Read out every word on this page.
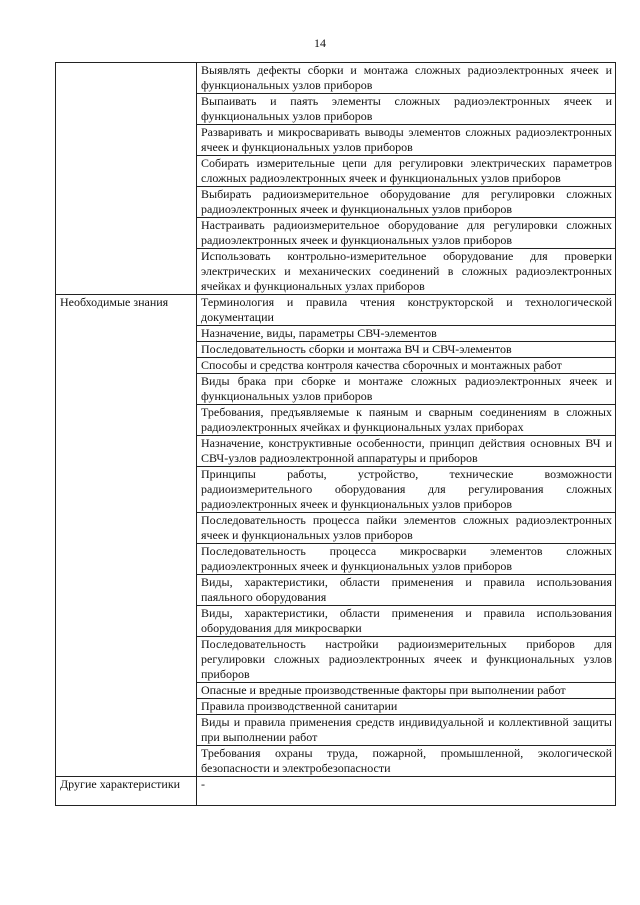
14
	Выявлять дефекты сборки и монтажа сложных радиоэлектронных ячеек и функциональных узлов приборов
	Выпаивать и паять элементы сложных радиоэлектронных ячеек и функциональных узлов приборов
	Разваривать и микросваривать выводы элементов сложных радиоэлектронных ячеек и функциональных узлов приборов
	Собирать измерительные цепи для регулировки электрических параметров сложных радиоэлектронных ячеек и функциональных узлов приборов
	Выбирать радиоизмерительное оборудование для регулировки сложных радиоэлектронных ячеек и функциональных узлов приборов
	Настраивать радиоизмерительное оборудование для регулировки сложных радиоэлектронных ячеек и функциональных узлов приборов
	Использовать контрольно-измерительное оборудование для проверки электрических и механических соединений в сложных радиоэлектронных ячейках и функциональных узлах приборов
Необходимые знания	Терминология и правила чтения конструкторской и технологической документации
	Назначение, виды, параметры СВЧ-элементов
	Последовательность сборки и монтажа ВЧ и СВЧ-элементов
	Способы и средства контроля качества сборочных и монтажных работ
	Виды брака при сборке и монтаже сложных радиоэлектронных ячеек и функциональных узлов приборов
	Требования, предъявляемые к паяным и сварным соединениям в сложных радиоэлектронных ячейках и функциональных узлах приборах
	Назначение, конструктивные особенности, принцип действия основных ВЧ и СВЧ-узлов радиоэлектронной аппаратуры и приборов
	Принципы работы, устройство, технические возможности радиоизмерительного оборудования для регулирования сложных радиоэлектронных ячеек и функциональных узлов приборов
	Последовательность процесса пайки элементов сложных радиоэлектронных ячеек и функциональных узлов приборов
	Последовательность процесса микросварки элементов сложных радиоэлектронных ячеек и функциональных узлов приборов
	Виды, характеристики, области применения и правила использования паяльного оборудования
	Виды, характеристики, области применения и правила использования оборудования для микросварки
	Последовательность настройки радиоизмерительных приборов для регулировки сложных радиоэлектронных ячеек и функциональных узлов приборов
	Опасные и вредные производственные факторы при выполнении работ
	Правила производственной санитарии
	Виды и правила применения средств индивидуальной и коллективной защиты при выполнении работ
	Требования охраны труда, пожарной, промышленной, экологической безопасности и электробезопасности
Другие характеристики	-
